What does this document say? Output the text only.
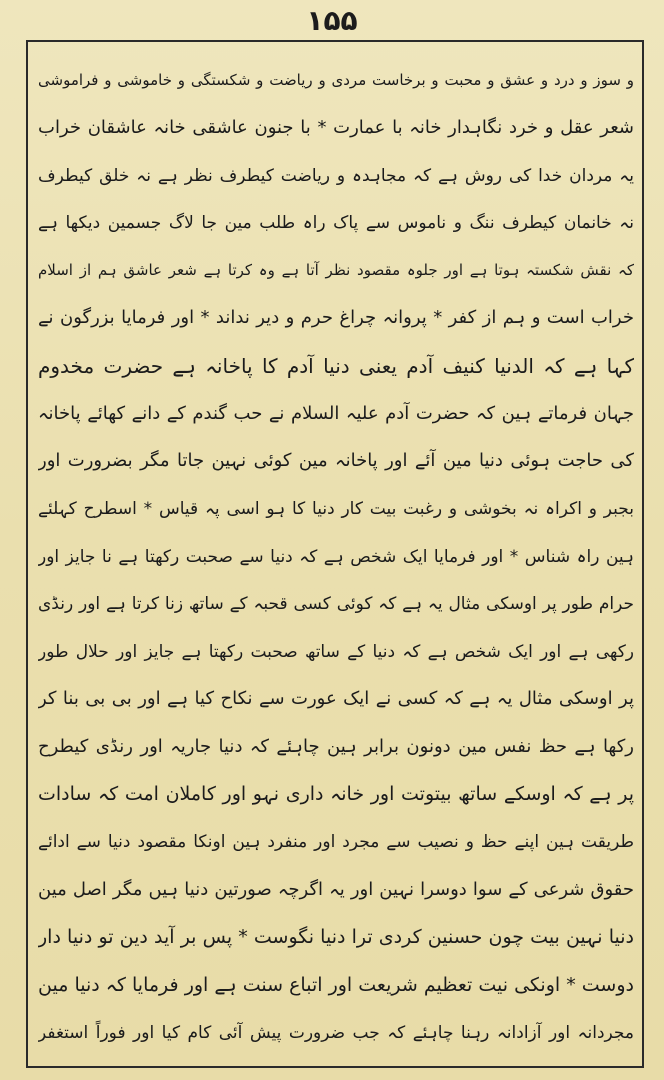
۱۵۵
و سوز و درد و عشق و محبت و برخاست مردی و ریاضت و شکستگی و خاموشی و فراموشی
شعر عقل و خرد نگاہدار خانہ با عمارت * با جنون عاشقی خانہ عاشقان خراب
یہ مردان خدا کی روش ہے کہ مجاہدہ و ریاضت کیطرف نظر ہے نہ خلق کیطرف
نہ خانمان کیطرف ننگ و ناموس سے پاک راہ طلب مین جا لاگ جسمین دیکھا ہے
کہ نقش شکستہ ہوتا ہے اور جلوہ مقصود نظر آتا ہے وہ کرتا ہے شعر عاشق ہم از اسلام
خراب است و ہم از کفر * پروانہ چراغ حرم و دیر نداند * اور فرمایا بزرگون نے
کہا ہے کہ الدنیا کنیف آدم یعنی دنیا آدم کا پاخانہ ہے حضرت مخدوم
جہان فرماتے ہین کہ حضرت آدم علیہ السلام نے حب گندم کے دانے کھائے پاخانہ
کی حاجت ہوئی دنیا مین آئے اور پاخانہ مین کوئی نہین جاتا مگر بضرورت اور
بجبر و اکراہ نہ بخوشی و رغبت بیت کار دنیا کا ہو اسی پہ قیاس * اسطرح کہلئے
ہین راہ شناس * اور فرمایا ایک شخص ہے کہ دنیا سے صحبت رکھتا ہے نا جایز اور
حرام طور پر اوسکی مثال یہ ہے کہ کوئی کسی قحبہ کے ساتھ زنا کرتا ہے اور رنڈی
رکھی ہے اور ایک شخص ہے کہ دنیا کے ساتھ صحبت رکھتا ہے جایز اور حلال طور
پر اوسکی مثال یہ ہے کہ کسی نے ایک عورت سے نکاح کیا ہے اور بی بی بنا کر
رکھا ہے حظ نفس مین دونون برابر ہین چاہئے کہ دنیا جاریہ اور رنڈی کیطرح
پر ہے کہ اوسکے ساتھ بیتوتت اور خانہ داری نہو اور کاملان امت کہ سادات
طریقت ہین اپنے حظ و نصیب سے مجرد اور منفرد ہین اونکا مقصود دنیا سے ادائے
حقوق شرعی کے سوا دوسرا نہین اور یہ اگرچہ صورتین دنیا ہیں مگر اصل مین
دنیا نہین بیت چون حسنین کردی ترا دنیا نگوست * پس بر آید دین تو دنیا دار
دوست * اونکی نیت تعظیم شریعت اور اتباع سنت ہے اور فرمایا کہ دنیا مین
مجردانہ اور آزادانہ رہنا چاہئے کہ جب ضرورت پیش آئی کام کیا اور فوراً استغفر
